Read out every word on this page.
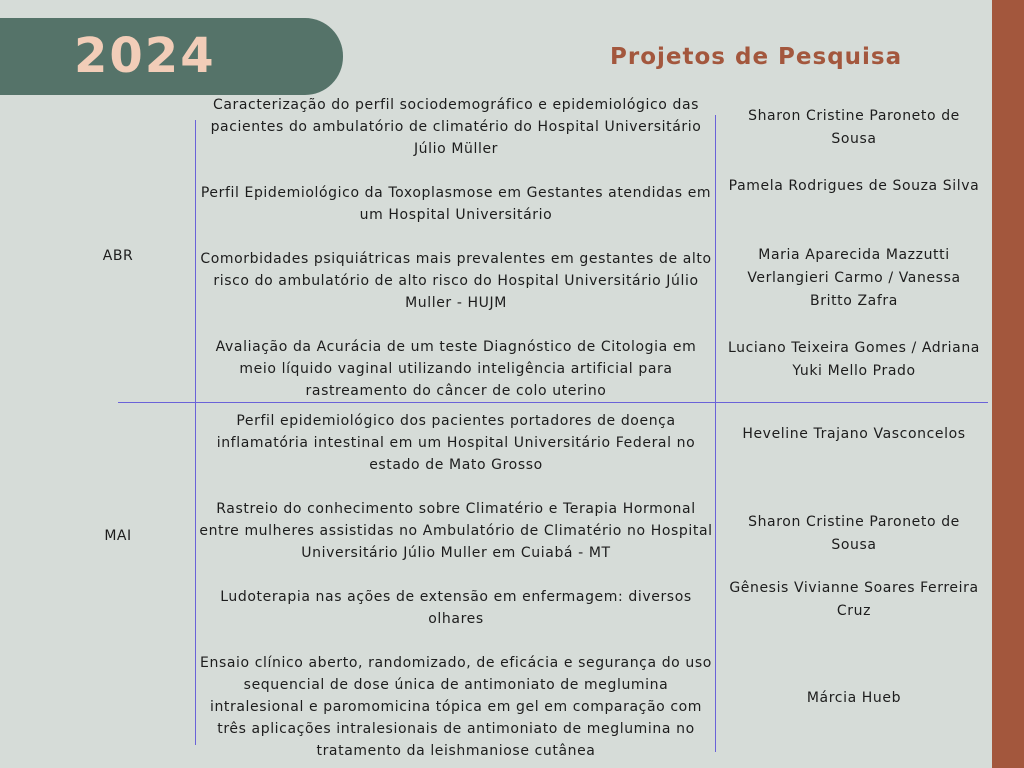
2024	Projetos de Pesquisa
ABR
MAI
Caracterização do perfil sociodemográfico e epidemiológico das pacientes do ambulatório de climatério do Hospital Universitário Júlio Müller
Sharon Cristine Paroneto de Sousa
Perfil Epidemiológico da Toxoplasmose em Gestantes atendidas em um Hospital Universitário
Pamela Rodrigues de Souza Silva
Comorbidades psiquiátricas mais prevalentes em gestantes de alto risco do ambulatório de alto risco do Hospital Universitário Júlio Muller - HUJM
Maria Aparecida Mazzutti Verlangieri Carmo / Vanessa Britto Zafra
Avaliação da Acurácia de um teste Diagnóstico de Citologia em meio líquido vaginal utilizando inteligência artificial para rastreamento do câncer de colo uterino
Luciano Teixeira Gomes / Adriana Yuki Mello Prado
Perfil epidemiológico dos pacientes portadores de doença inflamatória intestinal em um Hospital Universitário Federal no estado de Mato Grosso
Heveline Trajano Vasconcelos
Rastreio do conhecimento sobre Climatério e Terapia Hormonal entre mulheres assistidas no Ambulatório de Climatério no Hospital Universitário Júlio Muller em Cuiabá - MT
Sharon Cristine Paroneto de Sousa
Ludoterapia nas ações de extensão em enfermagem: diversos olhares
Gênesis Vivianne Soares Ferreira Cruz
Ensaio clínico aberto, randomizado, de eficácia e segurança do uso sequencial de dose única de antimoniato de meglumina intralesional e paromomicina tópica em gel em comparação com três aplicações intralesionais de antimoniato de meglumina no tratamento da leishmaniose cutânea
Márcia Hueb
